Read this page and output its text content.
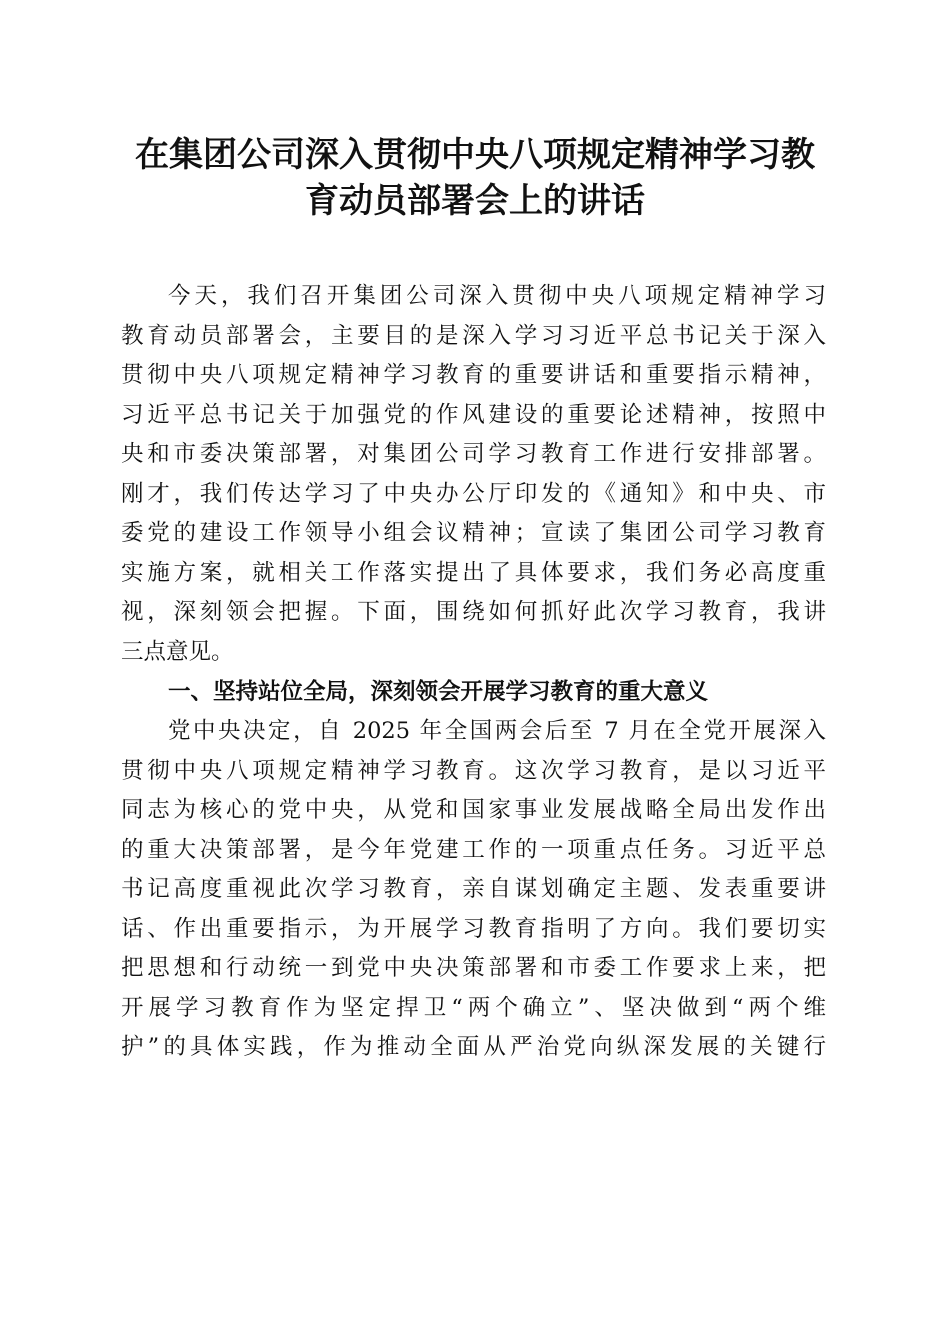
在集团公司深入贯彻中央八项规定精神学习教
育动员部署会上的讲话
今天，我们召开集团公司深入贯彻中央八项规定精神学习
教育动员部署会，主要目的是深入学习习近平总书记关于深入
贯彻中央八项规定精神学习教育的重要讲话和重要指示精神，
习近平总书记关于加强党的作风建设的重要论述精神，按照中
央和市委决策部署，对集团公司学习教育工作进行安排部署。
刚才，我们传达学习了中央办公厅印发的《通知》和中央、市
委党的建设工作领导小组会议精神；宣读了集团公司学习教育
实施方案，就相关工作落实提出了具体要求，我们务必高度重
视，深刻领会把握。下面，围绕如何抓好此次学习教育，我讲
三点意见。
一、坚持站位全局，深刻领会开展学习教育的重大意义
党中央决定，自 2025 年全国两会后至 7 月在全党开展深入
贯彻中央八项规定精神学习教育。这次学习教育，是以习近平
同志为核心的党中央，从党和国家事业发展战略全局出发作出
的重大决策部署，是今年党建工作的一项重点任务。习近平总
书记高度重视此次学习教育，亲自谋划确定主题、发表重要讲
话、作出重要指示，为开展学习教育指明了方向。我们要切实
把思想和行动统一到党中央决策部署和市委工作要求上来，把
开展学习教育作为坚定捍卫“两个确立”、坚决做到“两个维
护”的具体实践，作为推动全面从严治党向纵深发展的关键行
